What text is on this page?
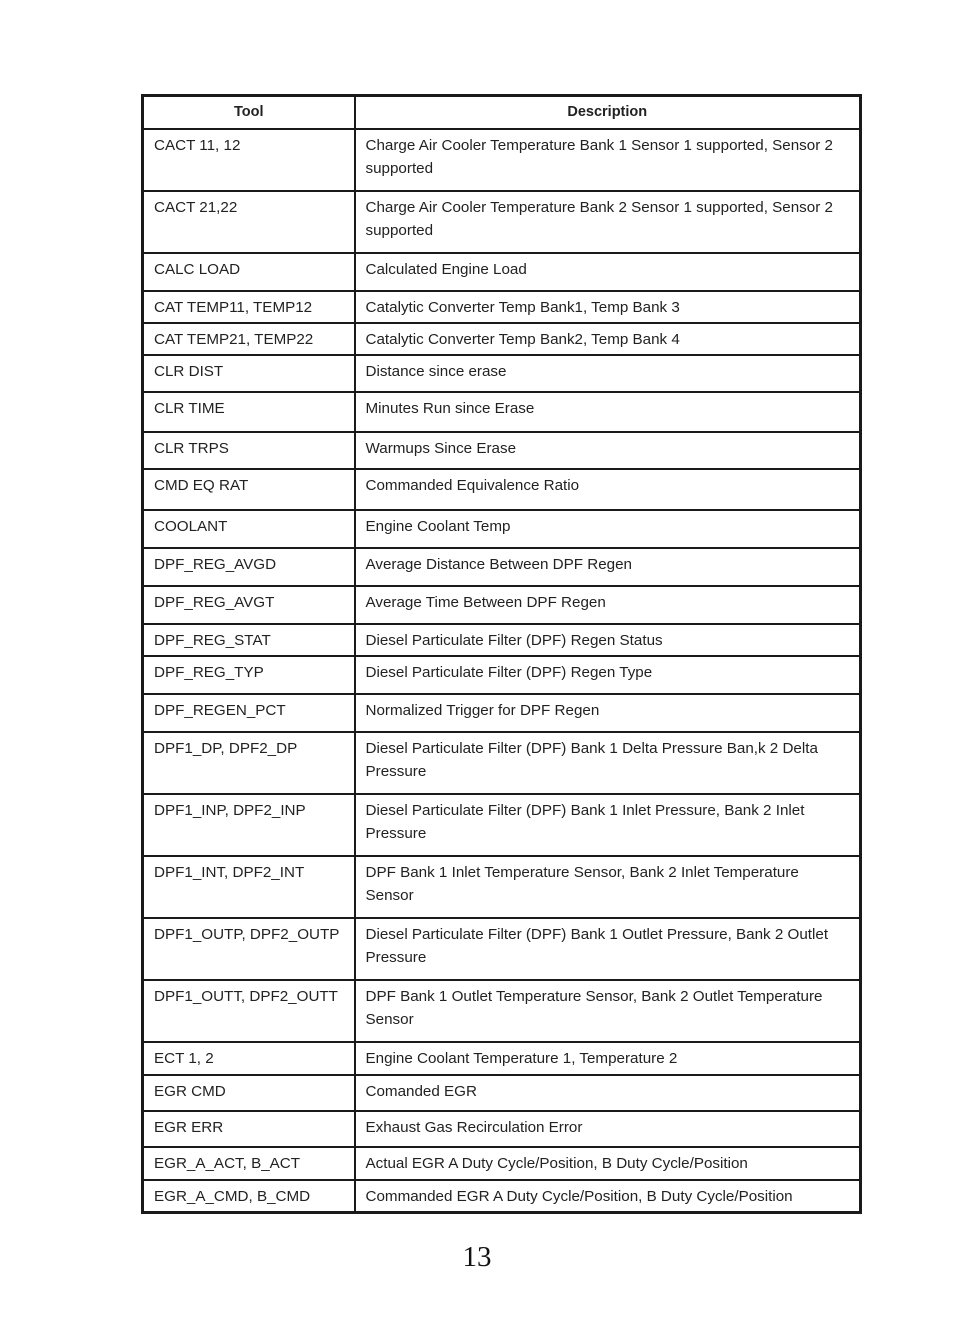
Tool	Description
CACT 11, 12	Charge Air Cooler Temperature Bank 1 Sensor 1 supported, Sensor 2 supported
CACT 21,22	Charge Air Cooler Temperature Bank 2 Sensor 1 supported, Sensor 2 supported
CALC LOAD	Calculated Engine Load
CAT TEMP11, TEMP12	Catalytic Converter Temp Bank1, Temp Bank 3
CAT TEMP21, TEMP22	Catalytic Converter Temp Bank2, Temp Bank 4
CLR DIST	Distance since erase
CLR TIME	Minutes Run since Erase
CLR TRPS	Warmups Since Erase
CMD EQ RAT	Commanded Equivalence Ratio
COOLANT	Engine Coolant Temp
DPF_REG_AVGD	Average Distance Between DPF Regen
DPF_REG_AVGT	Average Time Between DPF Regen
DPF_REG_STAT	Diesel Particulate Filter (DPF) Regen Status
DPF_REG_TYP	Diesel Particulate Filter (DPF) Regen Type
DPF_REGEN_PCT	Normalized Trigger for DPF Regen
DPF1_DP, DPF2_DP	Diesel Particulate Filter (DPF) Bank 1 Delta Pressure Ban,k 2 Delta Pressure
DPF1_INP, DPF2_INP	Diesel Particulate Filter (DPF) Bank 1 Inlet Pressure, Bank 2 Inlet Pressure
DPF1_INT, DPF2_INT	DPF Bank 1 Inlet Temperature Sensor, Bank 2 Inlet Temperature Sensor
DPF1_OUTP, DPF2_OUTP	Diesel Particulate Filter (DPF) Bank 1 Outlet Pressure, Bank 2 Outlet Pressure
DPF1_OUTT, DPF2_OUTT	DPF Bank 1 Outlet Temperature Sensor, Bank 2 Outlet Temperature Sensor
ECT 1, 2	Engine Coolant Temperature 1, Temperature 2
EGR CMD	Comanded EGR
EGR ERR	Exhaust Gas Recirculation Error
EGR_A_ACT, B_ACT	Actual EGR A Duty Cycle/Position, B Duty Cycle/Position
EGR_A_CMD, B_CMD	Commanded EGR A Duty Cycle/Position, B Duty Cycle/Position
13
